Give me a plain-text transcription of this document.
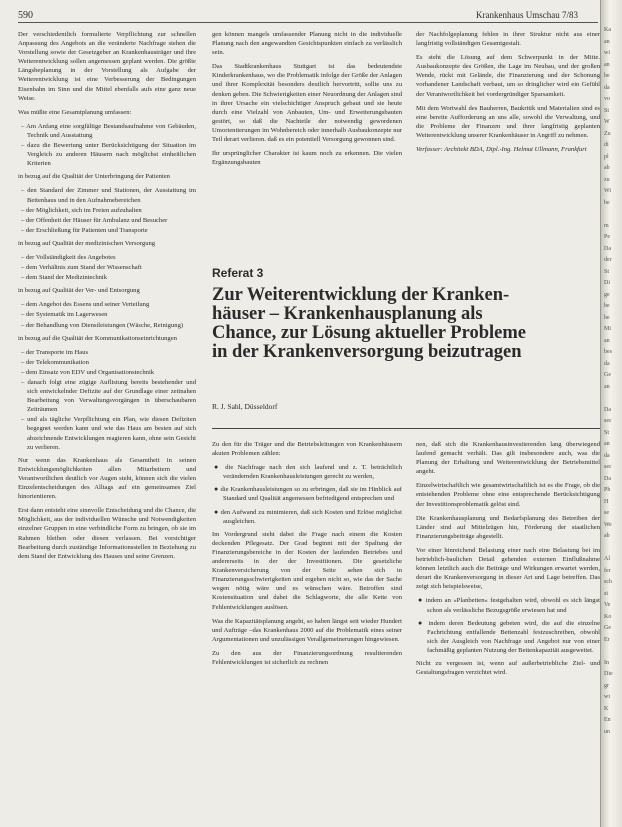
590	Krankenhaus Umschau 7/83

Der verschiedentlich formulierte Verpflichtung zur schnellen Anpassung des Angebots an die veränderte Nachfrage stehen die Vorstellung sowie der Gesetzgeber an Krankenhausträger und ihre Weiterentwicklung sollen angemessen geplant werden. Die größte Längsbeplanung in der Vorstellung als Aufgabe der Weiterentwicklung ist eine Verbesserung der Bedingungen Eisenbahn im Sinn und die Mittel ebenfalls aufs eine ganz neue Weise.

Was müßte eine Gesamtplanung umfassen:

– Am Anfang eine sorgfältige Bestandsaufnahme von Gebäuden, Technik und Ausstattung
– dazu die Bewertung unter Berücksichtigung der Situation im Vergleich zu anderen Häusern nach möglichst einheitlichen Kriterien

in bezug auf die Qualität der Unterbringung der Patienten

– den Standard der Zimmer und Stationen, der Ausstattung im Bettenhaus und in den Aufnahmebereichen
– der Möglichkeit, sich im Freien aufzuhalten
– der Offenheit der Häuser für Ambulanz und Besucher
– der Erschließung für Patienten und Transporte

in bezug auf Qualität der medizinischen Versorgung

– der Vollständigkeit des Angebotes
– dem Verhältnis zum Stand der Wissenschaft
– dem Stand der Medizintechnik

in bezug auf Qualität der Ver- und Entsorgung

– dem Angebot des Essens und seiner Verteilung
– der Systematik im Lagerwesen
– der Behandlung von Dienstleistungen (Wäsche, Reinigung)

in bezug auf die Qualität der Kommunikationseinrichtungen

– der Transporte im Haus
– der Telekommunikation
– dem Einsatz von EDV und Organisationstechnik
– danach folgt eine zügige Auflistung bereits bestehender und sich entwickelnder Defizite auf der Grundlage einer zeitnahen Bearbeitung von Verwaltungsvorgängen in überschaubaren Zeiträumen
– und als tägliche Verpflichtung ein Plan, wie diesen Defiziten begegnet werden kann und wie das Haus am besten auf sich abzeichnende Entwicklungen reagieren kann, ohne sein Gesicht zu verlieren.

Nur wenn das Krankenhaus als Gesamtheit in seinen Entwicklungsmöglichkeiten allen Mitarbeitern und Verantwortlichen deutlich vor Augen steht, können sich die vielen Einzelentscheidungen des Alltags auf ein gemeinsames Ziel hinorientieren.

Erst dann entsteht eine sinnvolle Entscheidung und die Chance, die Möglichkeit, aus der individuellen Wünsche und Notwendigkeiten einzelner Gruppen in eine verbindliche Form zu bringen, ob sie im Rahmen bleiben oder diesen verlassen. Bei vorsichtiger Bearbeitung durch zuständige Informationsstellen in Beziehung zu dem Stand der Entwicklung des Hauses und seine Grenzen.

gen können mangels umfassender Planung nicht in die individuelle Planung nach den angewandten Gesichtspunkten einfach zu verlässlich sein.

Das Stadtkrankenhaus Stuttgart ist das bedeutendste Kinderkrankenhaus, wo die Problematik infolge der Größe der Anlagen und ihrer Komplexität besonders deutlich hervortritt, sollte uns zu denken geben. Die Schwierigkeiten einer Neuordnung der Anlagen sind in ihrer Ursache ein vielschichtiger Anspruch gebaut und sie heute durch eine Vielzahl von Anbauten, Um- und Erweiterungsbauten gestört, so daß die Nachteile der notwendig gewordenen Umorientierungen im Wohnbereich oder innerhalb Ausbaukonzepte nur Teil derart verlieren. daß es ein potentiell Versorgung gewonnen sind.

Ihr ursprünglicher Charakter ist kaum noch zu erkennen. Die vielen Ergänzungsbauten

der Nachfolgeplanung fehlen in ihrer Struktur nicht aus einer langfristig vollständigen Gesamtgestalt.

Es steht die Lösung auf dem Schwerpunkt in der Mitte. Ausbaukonzepte des Größen, die Lage im Neubau, und der großen Wende, rückt mit Gelände, die Finanzierung und der Schonung vorhandener Landschaft verbaut, um so dringlicher wird ein Gefühl der Verantwortlichkeit bei vordergründiger Sparsamkeit.

Mit dem Wortwahl des Bauherren, Baukritik und Materialien sind es eine bereite Aufforderung an uns alle, sowohl die Verwaltung, und die Probleme der Finanzen und ihrer langfristig geplanten Weiterentwicklung unserer Krankenhäuser in Angriff zu nehmen.

Verfasser: Architekt BDA, Dipl.-Ing. Helmut Ullmann, Frankfurt

Referat 3
Zur Weiterentwicklung der Kranken-
häuser – Krankenhausplanung als
Chance, zur Lösung aktueller Probleme
in der Krankenversorgung beizutragen
R. J. Sahl, Düsseldorf

Zu den für die Träger und die Betriebsleitungen von Krankenhäusern akuten Problemen zählen:

● die Nachfrage nach den sich laufend und z. T. beträchtlich verändernden Krankenhausleistungen gerecht zu werden,
● die Krankenhausleistungen so zu erbringen, daß sie im Hinblick auf Standard und Qualität angemessen befriedigend entsprechen und
● den Aufwand zu minimieren, daß sich Kosten und Erlöse möglichst ausgleichen.

Im Vordergrund steht dabei die Frage nach einem die Kosten deckenden Pflegesatz. Der Grad beginnt mit der Spaltung der Finanzierungsbereiche in der Kosten der laufenden Betriebes und andererseits in der der Investitionen. Die gesetzliche Krankenversicherung von der Seite sehen sich in Finanzierungsschwierigkeiten und ergehen nicht so, wie das der Sache wegen nötig wäre und es wünschen wäre. Betroffen sind Kostensituation und dabei die Schlagworte, die alle Kette von Fehlentwicklungen auslösen.

Was die Kapazitätsplanung angeht, so haben längst seit wieder Hundert und Aufträge –das Krankenhaus 2000 auf die Problematik eines seiner Argumentationen und unzulässigen Verallgemeinerungen hingewiesen.

Zu den aus der Finanzierungsordnung resultierenden Fehlentwicklungen ist sicherlich zu rechnen

nen, daß sich die Krankenhausinvestierenden lang überwiegend laufend gemacht verhält. Das gilt insbesondere auch, was die Planung der Erhaltung und Weiterentwicklung der Betriebsmittel angeht.

Einzelwirtschaftlich wie gesamtwirtschaftlich ist es die Frage, ob die entstehenden Probleme ohne eine entsprechende Berücksichtigung der Investitionsproblematik gelöst sind.

Die Krankenhausplanung und Bedarfsplanung des Betreiben der Länder sind auf Mittelzügen hin, Förderung der staatlichen Finanzierungsbeiträge abgestellt.

Vor einer hinreichend Belastung einer nach eine Belastung bei im betrieblich-baulichen Detail gehenden externen Einflußnahme können letztlich auch die Beiträge und Wirkungen erwartet werden, derart die Krankenversorgung in dieser Art und Lage betreffen. Das zeigt sich beispielsweise,

● indem an »Planbetten« festgehalten wird, obwohl es sich längst schon als verlässliche Bezugsgröße erwiesen hat und
● indem deren Bedeutung gebeten wird, die auf die einzelne Fachrichtung entfallende Bettenzahl festzuschreiben, obwohl sich der Ausgleich von Nachfrage und Angebot nur von einer fachmäßig geplanten Nutzung der Bettenkapazität ausgeweitet.

Nicht zu vergessen ist, wenn auf außerbetriebliche Ziel- und Gestaltungsfragen verzichtet wird.

Ka
an
wi
an
be
da
vo
St
W
Zu
di
pl
ab
zu
Wi
be

m
Pe
Da
der
St
Di
ge
be
be
Mi
an
bes
da
Ge
an

Da
sec
St
an
da
sec
Da
Ph
H
se
We
ab

Al
fer
sch
st
Ve
Ko
Ge
Er

In
Die
gr
wi
K
En
un
